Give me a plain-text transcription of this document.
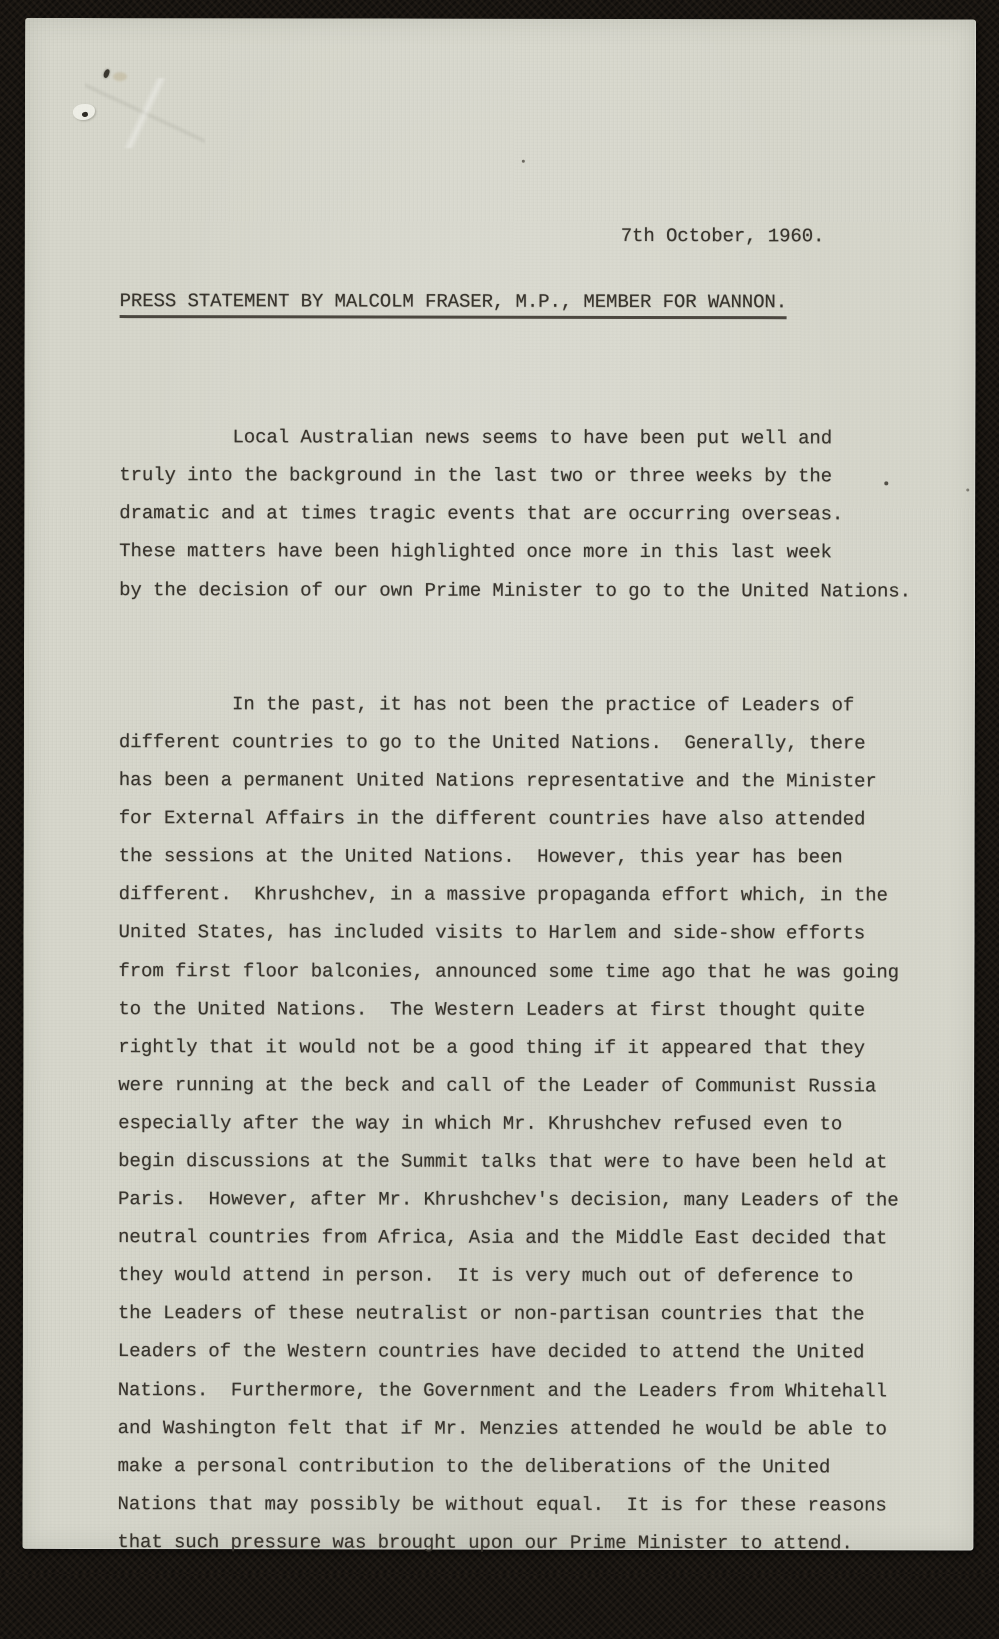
7th October, 1960.
PRESS STATEMENT BY MALCOLM FRASER, M.P., MEMBER FOR WANNON.

Local Australian news seems to have been put well and
truly into the background in the last two or three weeks by the
dramatic and at times tragic events that are occurring overseas.
These matters have been highlighted once more in this last week
by the decision of our own Prime Minister to go to the United Nations.

In the past, it has not been the practice of Leaders of
different countries to go to the United Nations.  Generally, there
has been a permanent United Nations representative and the Minister
for External Affairs in the different countries have also attended
the sessions at the United Nations.  However, this year has been
different.  Khrushchev, in a massive propaganda effort which, in the
United States, has included visits to Harlem and side-show efforts
from first floor balconies, announced some time ago that he was going
to the United Nations.  The Western Leaders at first thought quite
rightly that it would not be a good thing if it appeared that they
were running at the beck and call of the Leader of Communist Russia
especially after the way in which Mr. Khrushchev refused even to
begin discussions at the Summit talks that were to have been held at
Paris.  However, after Mr. Khrushchev's decision, many Leaders of the
neutral countries from Africa, Asia and the Middle East decided that
they would attend in person.  It is very much out of deference to
the Leaders of these neutralist or non-partisan countries that the
Leaders of the Western countries have decided to attend the United
Nations.  Furthermore, the Government and the Leaders from Whitehall
and Washington felt that if Mr. Menzies attended he would be able to
make a personal contribution to the deliberations of the United
Nations that may possibly be without equal.  It is for these reasons
that such pressure was brought upon our Prime Minister to attend.
